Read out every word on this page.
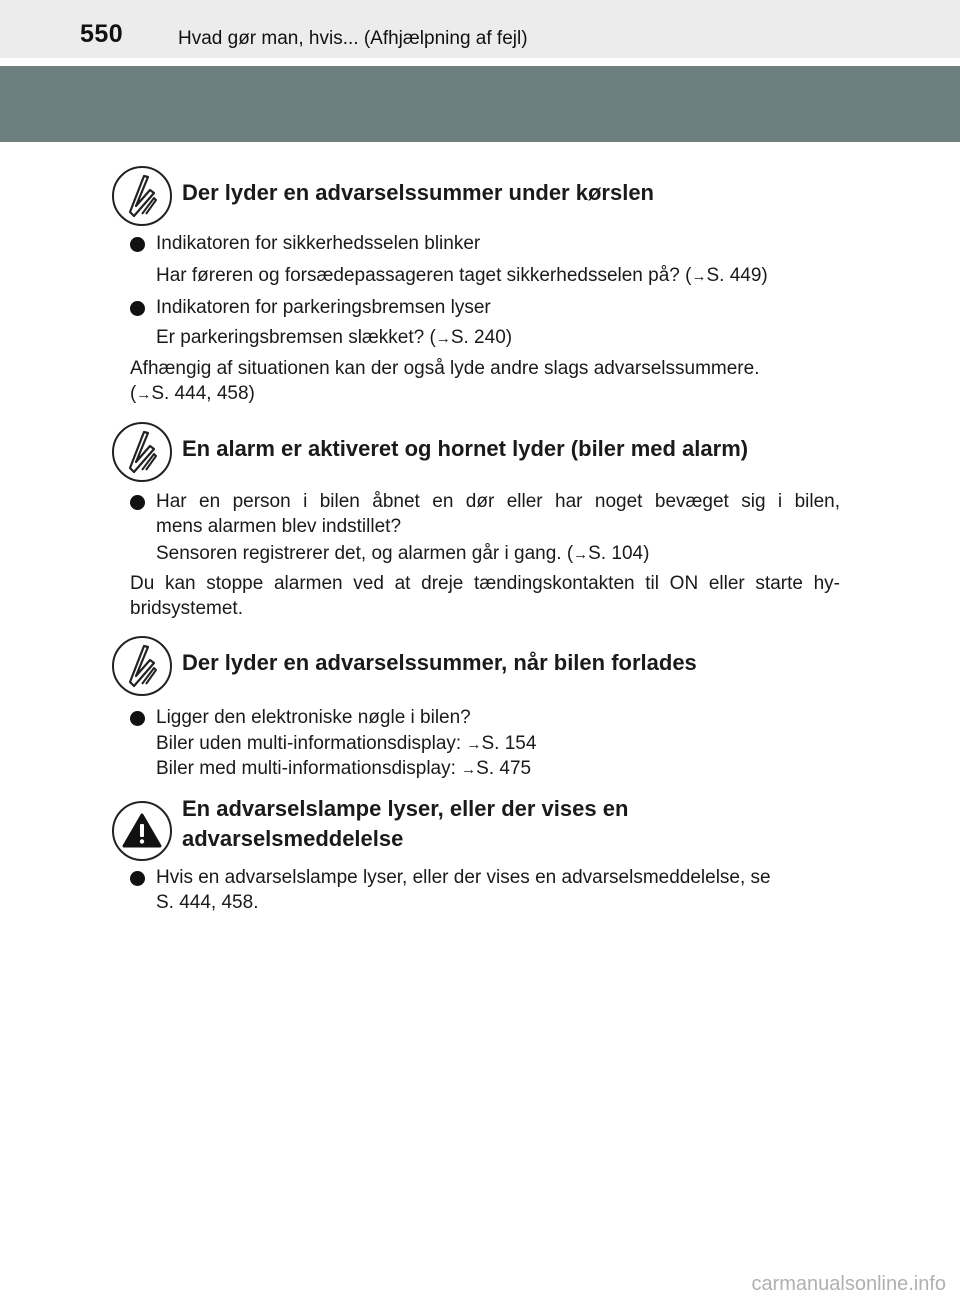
550	Hvad gør man, hvis... (Afhjælpning af fejl)
Der lyder en advarselssummer under kørslen
Indikatoren for sikkerhedsselen blinker
Har føreren og forsædepassageren taget sikkerhedsselen på? (→S. 449)
Indikatoren for parkeringsbremsen lyser
Er parkeringsbremsen slækket? (→S. 240)
Afhængig af situationen kan der også lyde andre slags advarselssummere.
(→S. 444, 458)
En alarm er aktiveret og hornet lyder (biler med alarm)
Har en person i bilen åbnet en dør eller har noget bevæget sig i bilen,
mens alarmen blev indstillet?
Sensoren registrerer det, og alarmen går i gang. (→S. 104)
Du kan stoppe alarmen ved at dreje tændingskontakten til ON eller starte hy-
bridsystemet.
Der lyder en advarselssummer, når bilen forlades
Ligger den elektroniske nøgle i bilen?
Biler uden multi-informationsdisplay: →S. 154
Biler med multi-informationsdisplay: →S. 475
En advarselslampe lyser, eller der vises en
advarselsmeddelelse
Hvis en advarselslampe lyser, eller der vises en advarselsmeddelelse, se
S. 444, 458.
carmanualsonline.info
